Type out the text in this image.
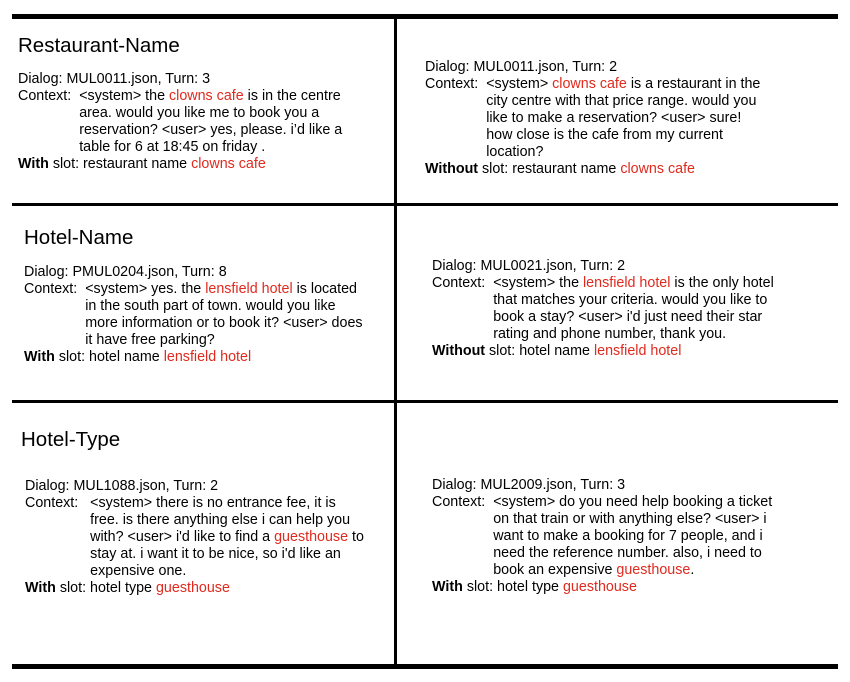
Restaurant-Name

Dialog: MUL0011.json, Turn: 3

Context: <system> the clowns cafe is in the centre area. would you like me to book you a reservation? <user> yes, please. i’d like a table for 6 at 18:45 on friday .

With slot: restaurant name clowns cafe

Dialog: MUL0011.json, Turn: 2

Context: <system> clowns cafe is a restaurant in the city centre with that price range. would you like to make a reservation? <user> sure! how close is the cafe from my current location?

Without slot: restaurant name clowns cafe

Hotel-Name

Dialog: PMUL0204.json, Turn: 8

Context: <system> yes. the lensfield hotel is located in the south part of town. would you like more information or to book it? <user> does it have free parking?

With slot: hotel name lensfield hotel

Dialog: MUL0021.json, Turn: 2

Context: <system> the lensfield hotel is the only hotel that matches your criteria. would you like to book a stay? <user> i'd just need their star rating and phone number, thank you.

Without slot: hotel name lensfield hotel

Hotel-Type

Dialog: MUL1088.json, Turn: 2

Context: <system> there is no entrance fee, it is free. is there anything else i can help you with? <user> i'd like to find a guesthouse to stay at. i want it to be nice, so i'd like an expensive one.

With slot: hotel type guesthouse

Dialog: MUL2009.json, Turn: 3

Context: <system> do you need help booking a ticket on that train or with anything else? <user> i want to make a booking for 7 people, and i need the reference number. also, i need to book an expensive guesthouse.

With slot: hotel type guesthouse
